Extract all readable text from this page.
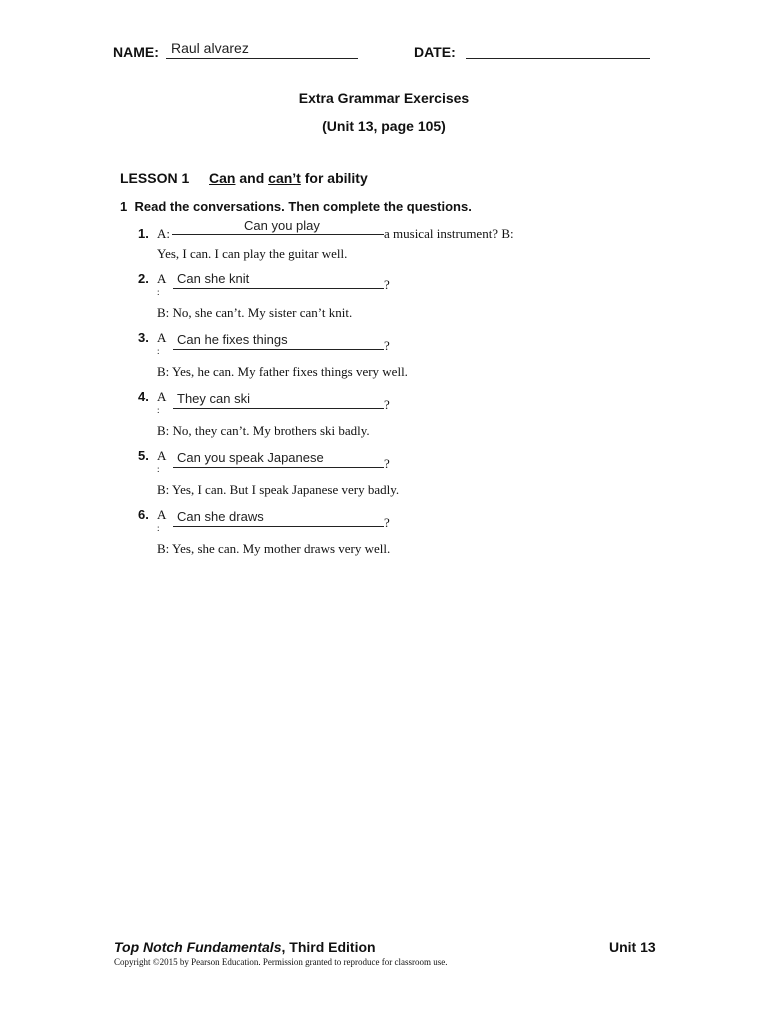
NAME: Raul alvarez	DATE:
Extra Grammar Exercises
(Unit 13, page 105)
LESSON 1 Can and can’t for ability
1 Read the conversations. Then complete the questions.
1. A:
Can you play
a musical instrument? B:
Yes, I can. I can play the guitar well.
2. A
:
Can she knit	?
B: No, she can’t. My sister can’t knit.
3. A
:
Can he fixes things	?
B: Yes, he can. My father fixes things very well.
4. A
:
They can ski	?
B: No, they can’t. My brothers ski badly.
5. A
:
Can you speak Japanese	?
B: Yes, I can. But I speak Japanese very badly.
6. A
:
Can she draws	?
B: Yes, she can. My mother draws very well.
Top Notch Fundamentals, Third Edition	Unit 13
Copyright ©2015 by Pearson Education. Permission granted to reproduce for classroom use.
